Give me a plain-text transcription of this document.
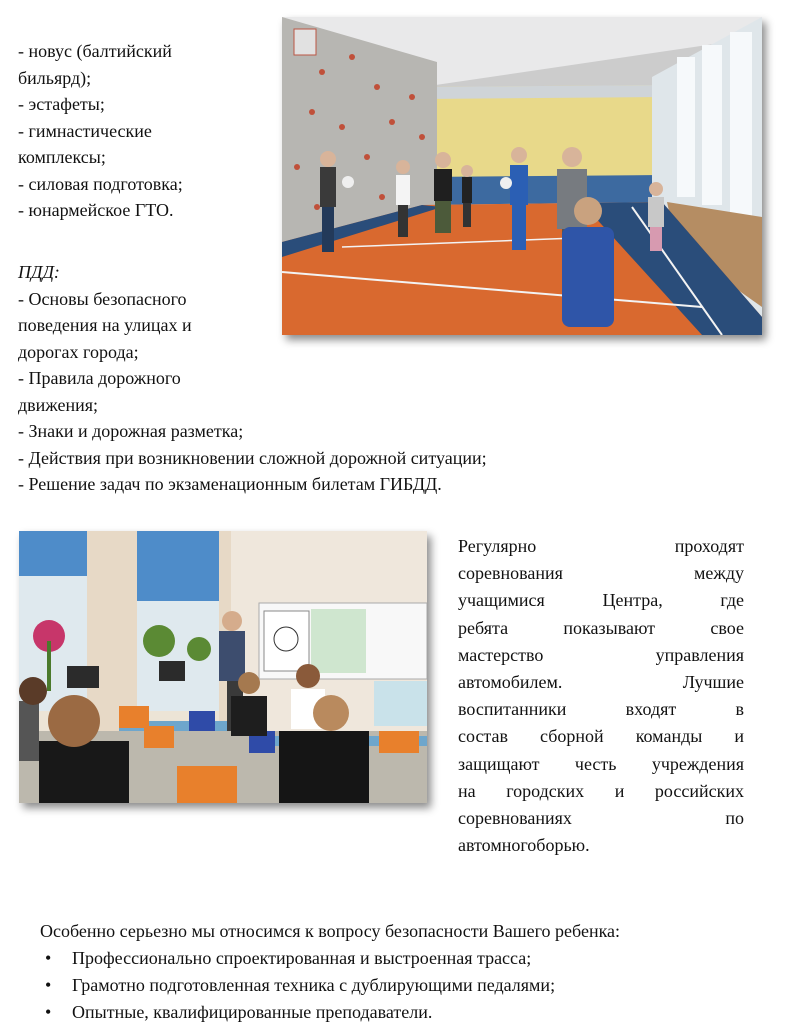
- новус (балтийский
бильярд);
- эстафеты;
- гимнастические
комплексы;
- силовая подготовка;
- юнармейское ГТО.
ПДД:
- Основы безопасного
поведения на улицах и
дорогах города;
- Правила дорожного
движения;
- Знаки и дорожная разметка;
- Действия при возникновении сложной дорожной ситуации;
- Решение задач по экзаменационным билетам ГИБДД.
Регулярно проходят
соревнования между
учащимися Центра, где
ребята показывают свое
мастерство управления
автомобилем. Лучшие
воспитанники входят в
состав сборной команды и
защищают честь учреждения
на городских и российских
соревнованиях по
автомногоборью.
Особенно серьезно мы относимся к вопросу безопасности Вашего ребенка:
• Профессионально спроектированная и выстроенная трасса;
• Грамотно подготовленная техника с дублирующими педалями;
• Опытные, квалифицированные преподаватели.
